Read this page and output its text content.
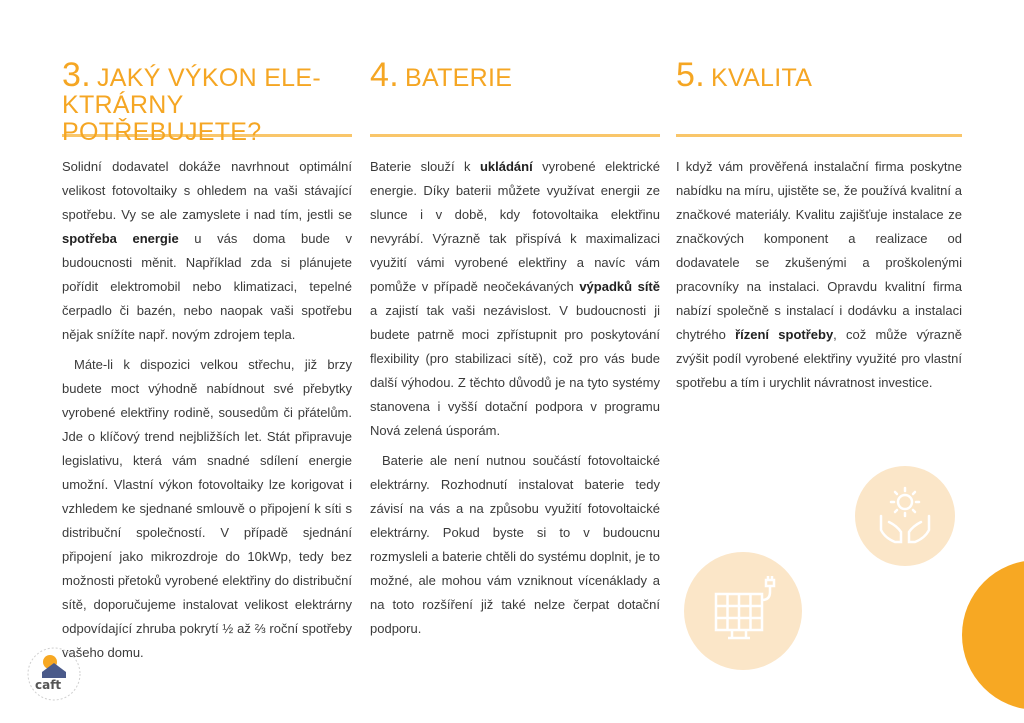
3. JAKÝ VÝKON ELE-
KTRÁRNY POTŘEBUJETE?

Solidní dodavatel dokáže navrhnout optimální velikost fotovoltaiky s ohledem na vaši stávající spotřebu. Vy se ale zamyslete i nad tím, jestli se spotřeba energie u vás doma bude v budoucnosti měnit. Například zda si plánujete pořídit elektromobil nebo klimatizaci, tepelné čerpadlo či bazén, nebo naopak vaši spotřebu nějak snížíte např. novým zdrojem tepla.

Máte-li k dispozici velkou střechu, již brzy budete moct výhodně nabídnout své přebytky vyrobené elektřiny rodině, sousedům či přátelům. Jde o klíčový trend nejbližších let. Stát připravuje legislativu, která vám snadné sdílení energie umožní. Vlastní výkon fotovoltaiky lze korigovat i vzhledem ke sjednané smlouvě o připojení k síti s distribuční společností. V případě sjednání připojení jako mikrozdroje do 10kWp, tedy bez možnosti přetoků vyrobené elektřiny do distribuční sítě, doporučujeme instalovat velikost elektrárny odpovídající zhruba pokrytí ½ až ⅔ roční spotřeby vašeho domu.

4. BATERIE

Baterie slouží k ukládání vyrobené elektrické energie. Díky baterii můžete využívat energii ze slunce i v době, kdy fotovoltaika elektřinu nevyrábí. Výrazně tak přispívá k maximalizaci využití vámi vyrobené elektřiny a navíc vám pomůže v případě neočekávaných výpadků sítě a zajistí tak vaši nezávislost. V budoucnosti ji budete patrně moci zpřístupnit pro poskytování flexibility (pro stabilizaci sítě), což pro vás bude další výhodou. Z těchto důvodů je na tyto systémy stanovena i vyšší dotační podpora v programu Nová zelená úsporám.

Baterie ale není nutnou součástí fotovoltaické elektrárny. Rozhodnutí instalovat baterie tedy závisí na vás a na způsobu využití fotovoltaické elektrárny. Pokud byste si to v budoucnu rozmysleli a baterie chtěli do systému doplnit, je to možné, ale mohou vám vzniknout vícenáklady a na toto rozšíření již také nelze čerpat dotační podporu.

5. KVALITA

I když vám prověřená instalační firma poskytne nabídku na míru, ujistěte se, že používá kvalitní a značkové materiály. Kvalitu zajišťuje instalace ze značkových komponent a realizace od dodavatele se zkušenými a proškolenými pracovníky na instalaci. Opravdu kvalitní firma nabízí společně s instalací i dodávku a instalaci chytrého řízení spotřeby, což může výrazně zvýšit podíl vyrobené elektřiny využité pro vlastní spotřebu a tím i urychlit návratnost investice.

caft
